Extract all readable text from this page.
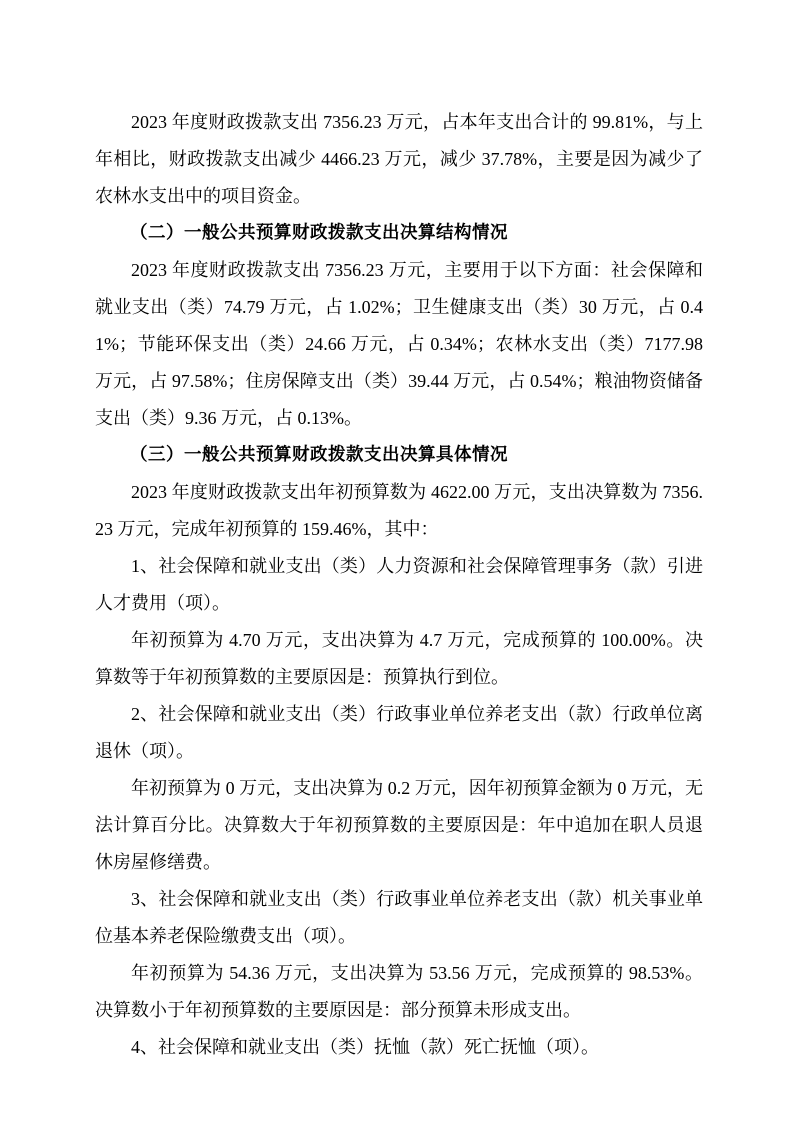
2023 年度财政拨款支出 7356.23 万元，占本年支出合计的 99.81%，与上年相比，财政拨款支出减少 4466.23 万元，减少 37.78%，主要是因为减少了农林水支出中的项目资金。

（二）一般公共预算财政拨款支出决算结构情况

2023 年度财政拨款支出 7356.23 万元，主要用于以下方面：社会保障和就业支出（类）74.79 万元，占 1.02%；卫生健康支出（类）30 万元，占 0.41%；节能环保支出（类）24.66 万元，占 0.34%；农林水支出（类）7177.98 万元，占 97.58%；住房保障支出（类）39.44 万元，占 0.54%；粮油物资储备支出（类）9.36 万元，占 0.13%。

（三）一般公共预算财政拨款支出决算具体情况

2023 年度财政拨款支出年初预算数为 4622.00 万元，支出决算数为 7356.23 万元，完成年初预算的 159.46%，其中：

1、社会保障和就业支出（类）人力资源和社会保障管理事务（款）引进人才费用（项）。

年初预算为 4.70 万元，支出决算为 4.7 万元，完成预算的 100.00%。决算数等于年初预算数的主要原因是：预算执行到位。

2、社会保障和就业支出（类）行政事业单位养老支出（款）行政单位离退休（项）。

年初预算为 0 万元，支出决算为 0.2 万元，因年初预算金额为 0 万元，无法计算百分比。决算数大于年初预算数的主要原因是：年中追加在职人员退休房屋修缮费。

3、社会保障和就业支出（类）行政事业单位养老支出（款）机关事业单位基本养老保险缴费支出（项）。

年初预算为 54.36 万元，支出决算为 53.56 万元，完成预算的 98.53%。决算数小于年初预算数的主要原因是：部分预算未形成支出。

4、社会保障和就业支出（类）抚恤（款）死亡抚恤（项）。
